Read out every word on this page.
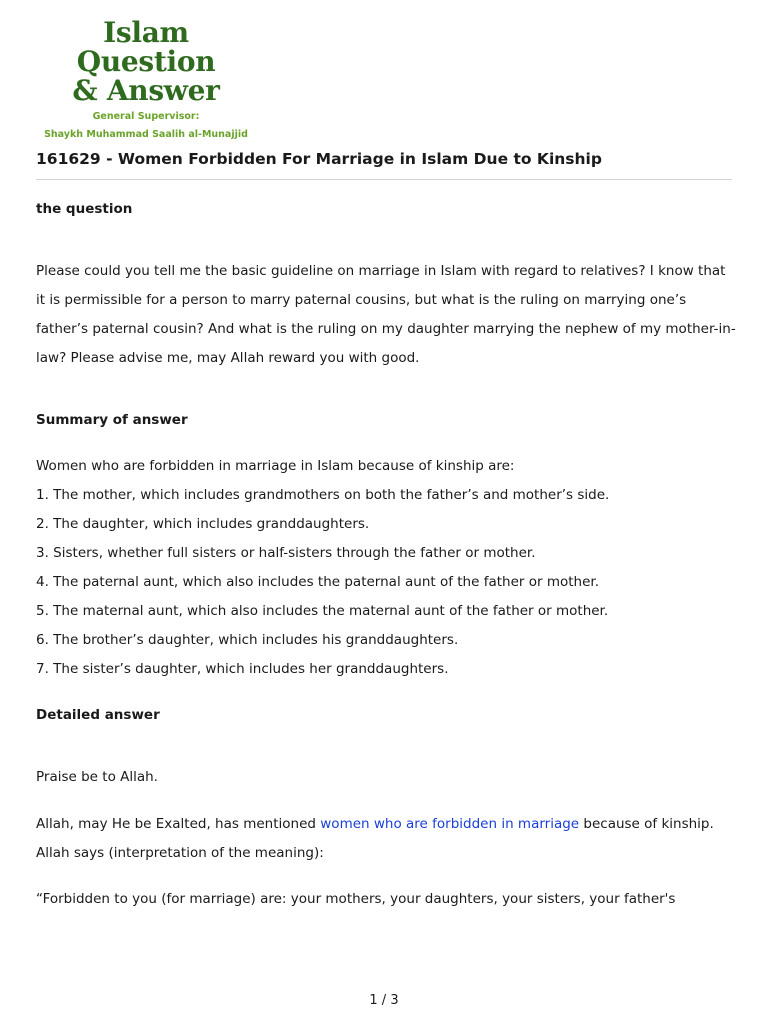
Islam Question
& Answer
General Supervisor:
Shaykh Muhammad Saalih al-Munajjid
161629 - Women Forbidden For Marriage in Islam Due to Kinship
the question

Please could you tell me the basic guideline on marriage in Islam with regard to relatives? I know that it is permissible for a person to marry paternal cousins, but what is the ruling on marrying one’s father’s paternal cousin? And what is the ruling on my daughter marrying the nephew of my mother-in-law? Please advise me, may Allah reward you with good.

Summary of answer

Women who are forbidden in marriage in Islam because of kinship are:

1. The mother, which includes grandmothers on both the father’s and mother’s side.
2. The daughter, which includes granddaughters.
3. Sisters, whether full sisters or half-sisters through the father or mother.
4. The paternal aunt, which also includes the paternal aunt of the father or mother.
5. The maternal aunt, which also includes the maternal aunt of the father or mother.
6. The brother’s daughter, which includes his granddaughters.
7. The sister’s daughter, which includes her granddaughters.
Detailed answer

Praise be to Allah.

Allah, may He be Exalted, has mentioned women who are forbidden in marriage because of kinship. Allah says (interpretation of the meaning):

“Forbidden to you (for marriage) are: your mothers, your daughters, your sisters, your father's

1 / 3
